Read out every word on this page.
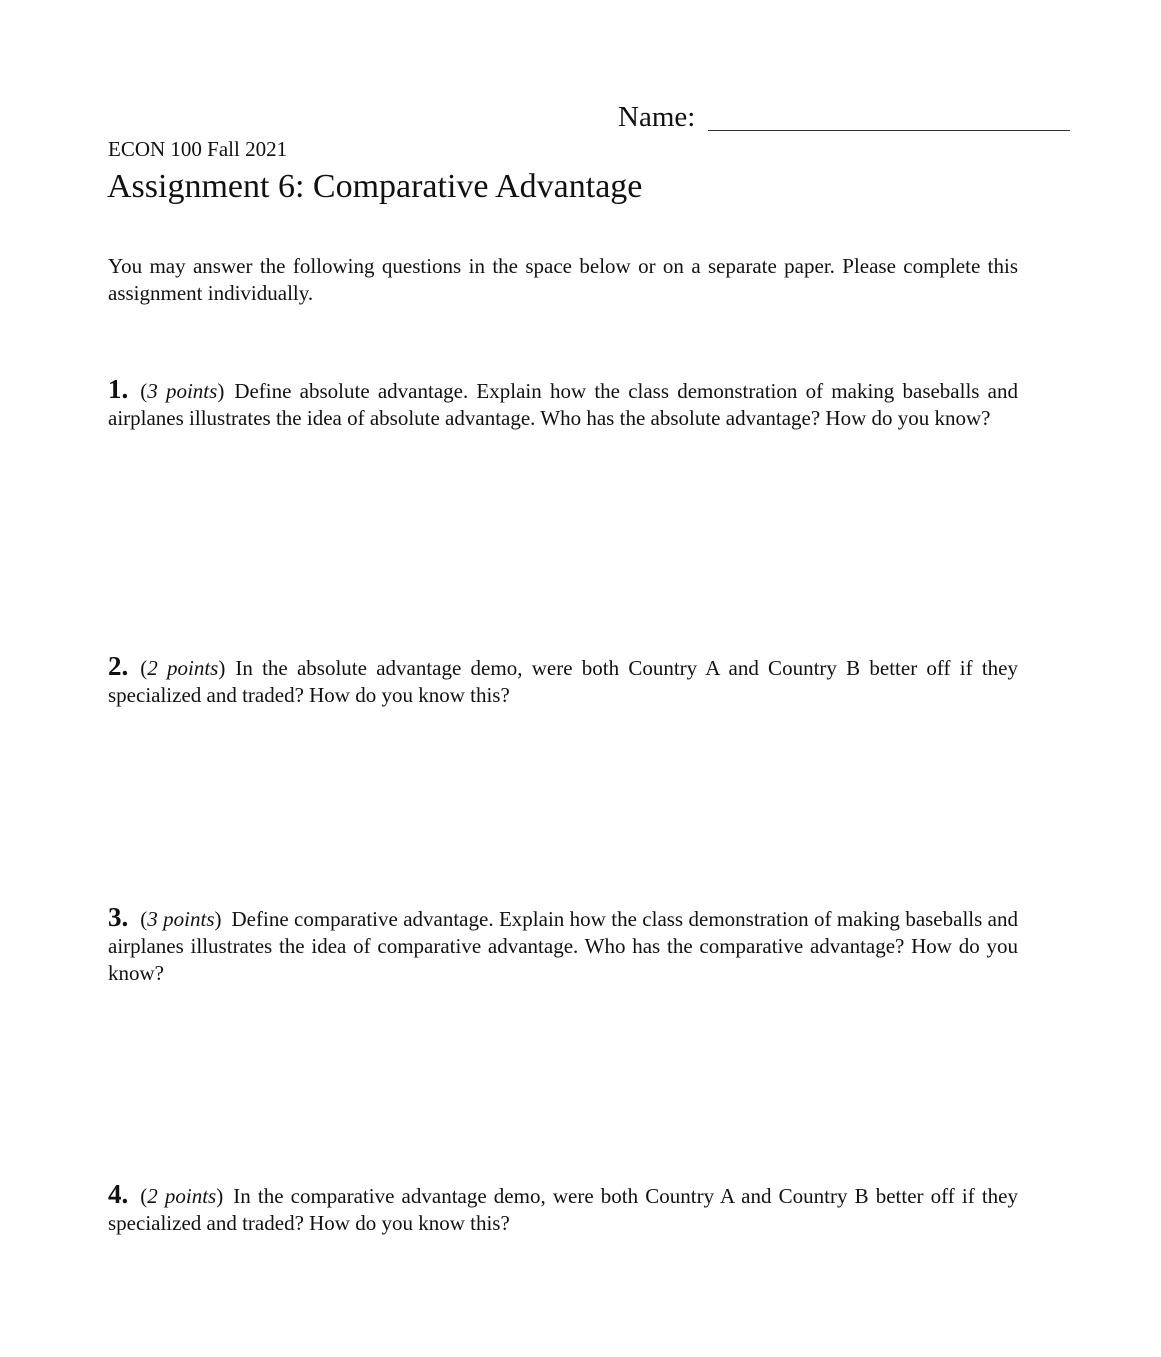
Name:
ECON 100 Fall 2021
Assignment 6: Comparative Advantage
You may answer the following questions in the space below or on a separate paper. Please complete this assignment individually.
1. (3 points) Define absolute advantage. Explain how the class demonstration of making baseballs and airplanes illustrates the idea of absolute advantage. Who has the absolute advantage? How do you know?
2. (2 points) In the absolute advantage demo, were both Country A and Country B better off if they specialized and traded? How do you know this?
3. (3 points) Define comparative advantage. Explain how the class demonstration of making baseballs and airplanes illustrates the idea of comparative advantage. Who has the comparative advantage? How do you know?
4. (2 points) In the comparative advantage demo, were both Country A and Country B better off if they specialized and traded? How do you know this?
